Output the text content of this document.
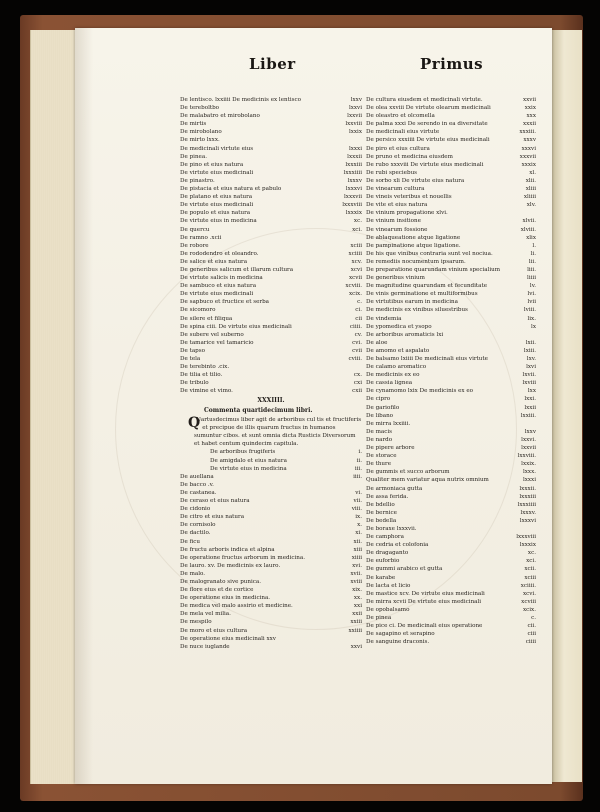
Liber	Primus
De lentisco. lxxiiii De medicinis ex lentisco	lxxv
De tereboltbo	lxxvi
De malabatro et mirobolano	lxxvii
De mirtis	lxxviii
De mirobolano	lxxix
De mirto lxxx.
De medicinali virtute eius	lxxxi
De pinea.	lxxxii
De pino et eius natura	lxxxiii
De virtute eius medicinali	lxxxiiii
De pinastro.	lxxxv
De pistacia et eius natura et pabulo	lxxxvi
De platano et eius natura	lxxxvii
De virtute eius medicinali	lxxxviii
De populo et eius natura	lxxxix
De virtute eius in medicina	xc.
De quercu	xci.
De ramno .xcii
De robore	xciii
De rododendro et oleandro.	xciiii
De salice et eius natura	xcv.
De generibus salicum et illarum cultura	xcvi
De virtute salicis in medicina	xcvii
De sambuco et eius natura	xcviii.
De virtute eius medicinali	xcix.
De sapbuco et fructice et serba	c.
De sicomoro	ci.
De silere et filiqua	cii
De spina ciii. De virtute eius medicinali	ciiii.
De subere vel suberno	cv.
De tamarice vel tamaricio	cvi.
De tapso	cvii
De tela	cviii.
De terebinto .cix.
De tilia et tilio.	cx.
De tribulo	cxi
De vimine et vimo.	cxii
XXXIIII.
Commenta quartidecimum libri.
Q
Uartusdecimus liber agit de arboribus cul tis et fructiferis et precipue de illis quarum fructus in humanos sumuntur cibos. et sunt omnia dicta Rusticis Diversorum et habet centum quindecim capitula.
De arboribus frugiferis	i.
De amigdalo et eius natura	ii.
De virtute eius in medicina	iii.
De auellana	iiii.
De bacco .v.
De castanea.	vi.
De ceraso et eius natura	vii.
De cidonio	viii.
De citro et eius natura	ix.
De cornisolo	x.
De dactilo.	xi.
De ficu	xii.
De fructu arboris indica et alpina	xiii
De operatione fructus arborum in medicina.	xiiii
De lauro. xv. De medicinis ex lauro.	xvi.
De malo.	xvii.
De malogranato sive punica.	xviii
De flore eius et de cortice	xix.
De operatione eius in medicina.	xx.
De medica vel malo assirio et medicine.	xxi
De mela vel milia.	xxii
De mespilo	xxiii
De moro et eius cultura	xxiiii
De operatione eius medicinali xxv
De nuce iuglande	xxvi
De cultura eiusdem et medicinali virtute.	xxvii
De olea xxviii De virtute olearum medicinali	xxix
De oleastro et olcomella	xxx
De palma xxxi De serendo in ea diversitate	xxxii
De medicinali eius virtute	xxxiii.
De persico xxxiiii De virtute eius medicinali	xxxv
De piro et eius cultura	xxxvi
De pruno et medicina eiusdem	xxxvii
De rubo xxxviii De virtute eius medicinali	xxxix
De rubi speciebus	xl.
De sorbo xli De virtute eius natura	xlii.
De vinearum cultura	xliii
De vineis veteribus et nouellis	xliiii
De vite et eius natura	xlv.
De vinium propagatione xlvi.
De vinium insitione	xlvii.
De vinearum fossione	xlviii.
De ablaqueatione atque ligatione	xlix
De pampinatione atque ligatione.	l.
De his que vinibus contraria sunt vel nociua.	li.
De remediis nocumentum ipsarum.	lii.
De preparatione quarundam vinium specialium	liii.
De generibus vinium	liiii
De magnitudine quarundam et fecunditate	lv.
De vinis germinatione et multiformibus	lvi.
De virtutibus earum in medicina	lvii
De medicinis ex vinibus siluestribus	lviii.
De vindemia	lix.
De ypomedica et ysopo	lx
De arboribus aromaticis lxi
De aloe	lxii.
De amomo et aspalato	lxiii.
De balsamo lxiiii De medicinali eius virtute	lxv.
De calamo aromatico	lxvi
De medicinis ex eo	lxvii.
De cassia lignea	lxviii
De cynamomo lxix De medicinis ex eo	lxx
De cipro	lxxi.
De gariofilo	lxxii
De libano	lxxiii.
De mirra lxxiiii.
De macis	lxxv
De nardo	lxxvi.
De pipere arbore	lxxvii
De storace	lxxviii.
De thure	lxxix.
De gummis et succo arborum	lxxx.
Qualiter mem variatur aqua nutrix omnium	lxxxi
De armoniaca gutta	lxxxii.
De assa ferida.	lxxxiii
De bdellio	lxxxiiii
De bernice	lxxxv.
De bedella	lxxxvi
De boraxe lxxxvii.
De camphora	lxxxviii
De cedria et colofonia	lxxxix
De dragaganto	xc.
De euforbio	xci.
De gummi arabico et gutta	xcii.
De karabe	xciii
De lacta et licio	xciiii.
De mastice xcv. De virtute eius medicinali	xcvi.
De mirra xcvii De virtute eius medicinali	xcviii
De opobalsamo	xcix.
De pinea	c.
De pice ci. De medicinali eius operatione	cii.
De sagapino et serapino	ciii
De sanguine draconis.	ciiii
